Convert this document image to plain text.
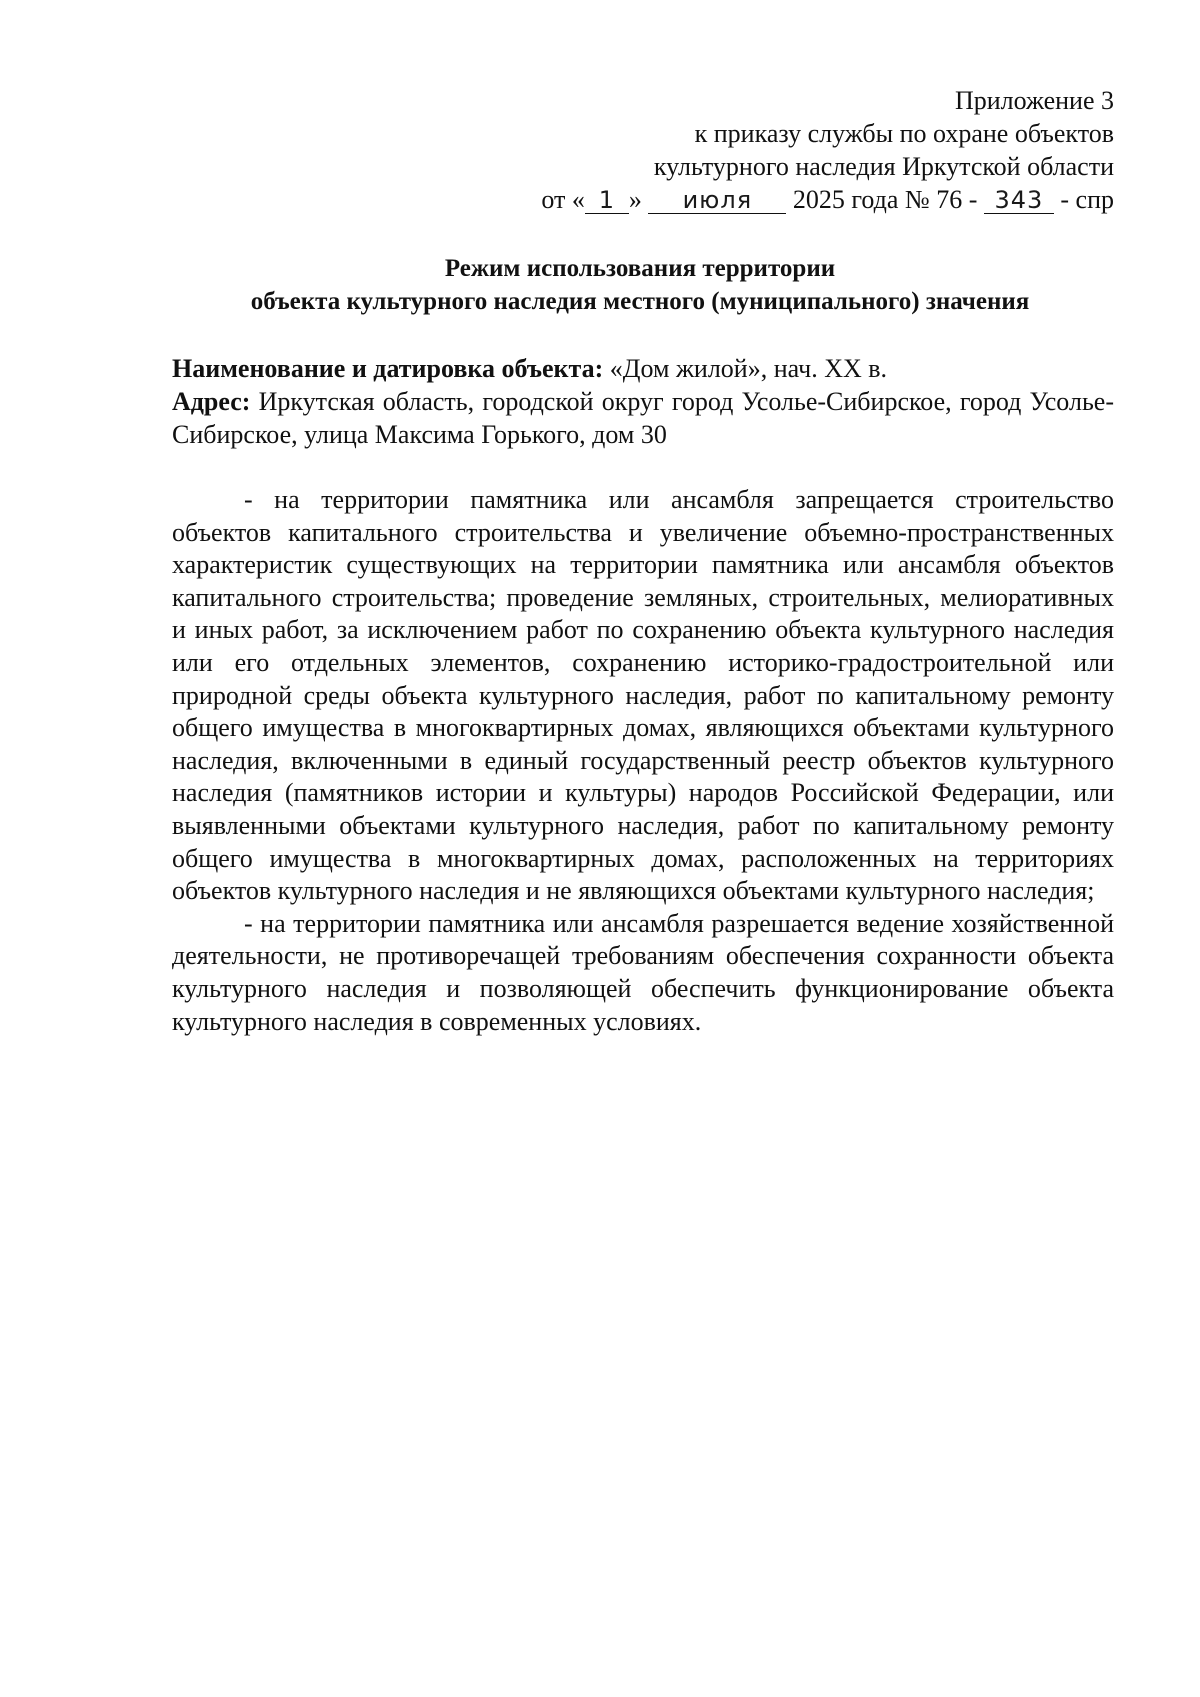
Приложение 3
к приказу службы по охране объектов
культурного наследия Иркутской области
от « 1 » июля 2025 года № 76 - 343 - спр
Режим использования территории
объекта культурного наследия местного (муниципального) значения
Наименование и датировка объекта: «Дом жилой», нач. XX в.
Адрес: Иркутская область, городской округ город Усолье-Сибирское, город Усолье-Сибирское, улица Максима Горького, дом 30

- на территории памятника или ансамбля запрещается строительство объектов капитального строительства и увеличение объемно-пространственных характеристик существующих на территории памятника или ансамбля объектов капитального строительства; проведение земляных, строительных, мелиоративных и иных работ, за исключением работ по сохранению объекта культурного наследия или его отдельных элементов, сохранению историко-градостроительной или природной среды объекта культурного наследия, работ по капитальному ремонту общего имущества в многоквартирных домах, являющихся объектами культурного наследия, включенными в единый государственный реестр объектов культурного наследия (памятников истории и культуры) народов Российской Федерации, или выявленными объектами культурного наследия, работ по капитальному ремонту общего имущества в многоквартирных домах, расположенных на территориях объектов культурного наследия и не являющихся объектами культурного наследия;

- на территории памятника или ансамбля разрешается ведение хозяйственной деятельности, не противоречащей требованиям обеспечения сохранности объекта культурного наследия и позволяющей обеспечить функционирование объекта культурного наследия в современных условиях.
